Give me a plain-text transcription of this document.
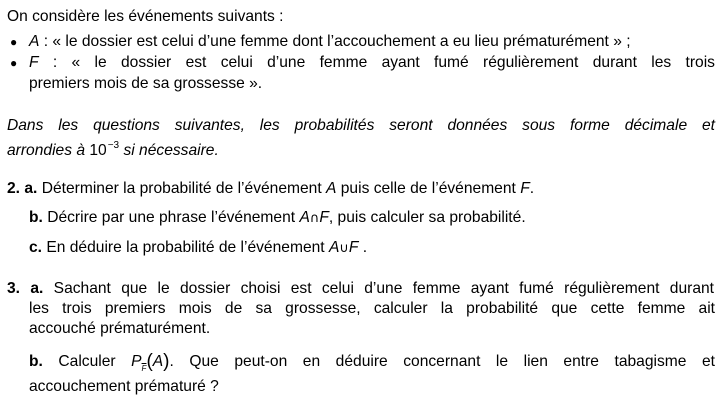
On considère les événements suivants :
● A : « le dossier est celui d’une femme dont l’accouchement a eu lieu prématurément » ;
● F : « le dossier est celui d’une femme ayant fumé régulièrement durant les trois
premiers mois de sa grossesse ».
Dans les questions suivantes, les probabilités seront données sous forme décimale et
arrondies à $10^{-3}$ si nécessaire.
2. a. Déterminer la probabilité de l’événement A puis celle de l’événement F.
b. Décrire par une phrase l’événement A∩F, puis calculer sa probabilité.
c. En déduire la probabilité de l’événement A∪F .
3. a. Sachant que le dossier choisi est celui d’une femme ayant fumé régulièrement durant
les trois premiers mois de sa grossesse, calculer la probabilité que cette femme ait
accouché prématurément.
b. Calculer $P_{\overline{F}}(A)$. Que peut-on en déduire concernant le lien entre tabagisme et
accouchement prématuré ?
